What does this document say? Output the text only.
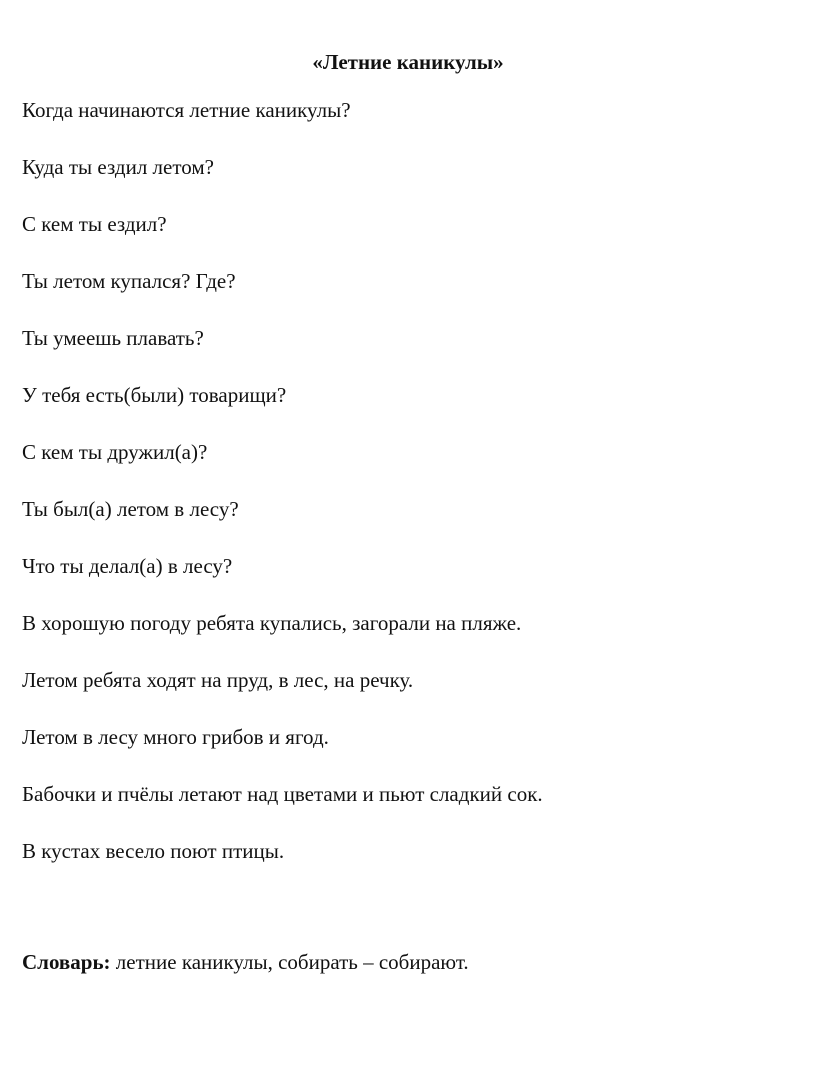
«Летние каникулы»
Когда начинаются летние каникулы?
Куда ты ездил летом?
С кем ты ездил?
Ты летом купался? Где?
Ты умеешь плавать?
У тебя есть(были) товарищи?
С кем ты дружил(а)?
Ты был(а) летом в лесу?
Что ты делал(а) в лесу?
В хорошую погоду ребята купались, загорали на пляже.
Летом ребята ходят на пруд, в лес, на речку.
Летом в лесу много грибов и ягод.
Бабочки и пчёлы летают над цветами и пьют сладкий сок.
В кустах весело поют птицы.
Словарь: летние каникулы, собирать – собирают.
